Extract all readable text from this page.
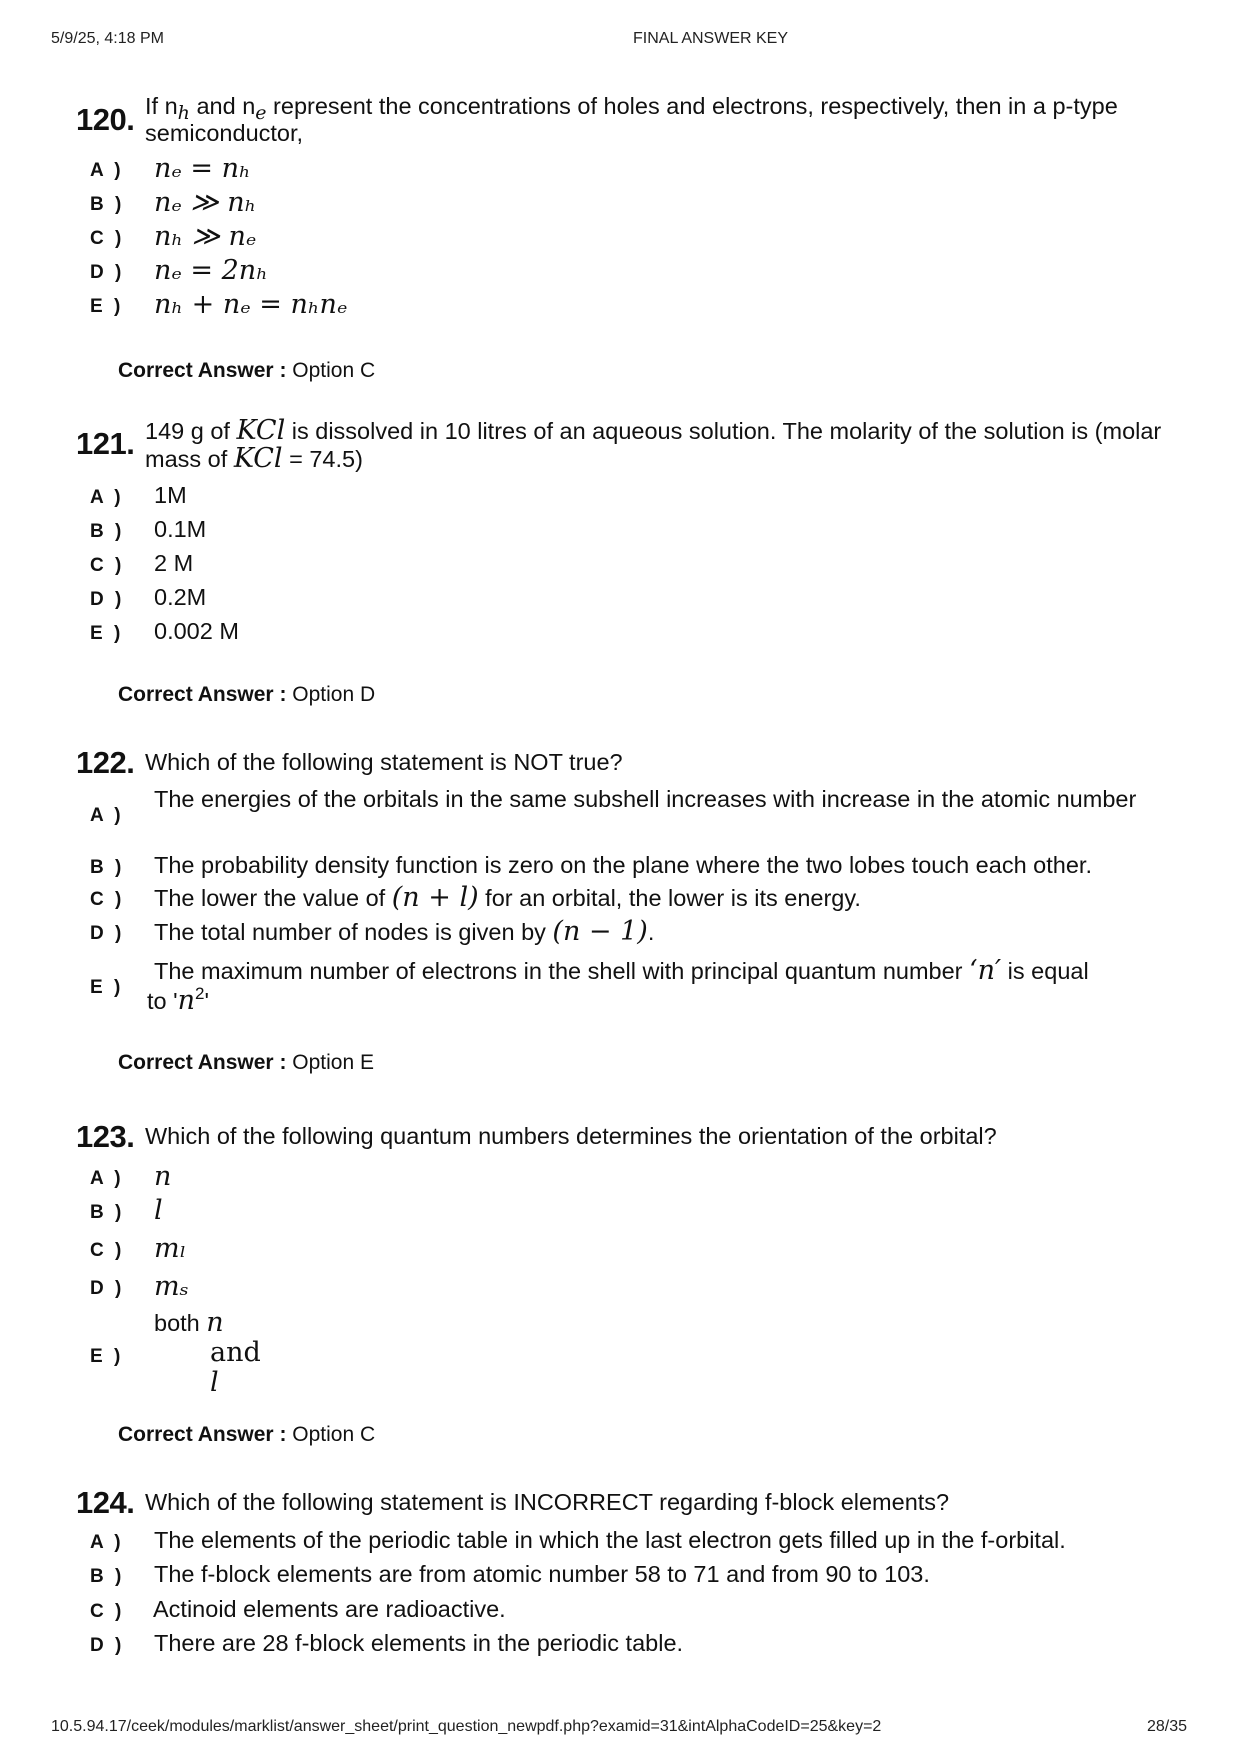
5/9/25, 4:18 PM	FINAL ANSWER KEY
120. If $n_h$ and $n_e$ represent the concentrations of holes and electrons, respectively, then in a p-type semiconductor,
A ) nₑ = nₕ
B ) nₑ ≫ nₕ
C ) nₕ ≫ nₑ
D ) nₑ = 2nₕ
E ) nₕ + nₑ = nₕnₑ
Correct Answer : Option C
121. 149 g of KCl is dissolved in 10 litres of an aqueous solution. The molarity of the solution is (molar mass of KCl = 74.5)
A ) 1M
B ) 0.1M
C ) 2 M
D ) 0.2M
E ) 0.002 M
Correct Answer : Option D
122. Which of the following statement is NOT true?
A )
The energies of the orbitals in the same subshell increases with increase in the atomic number
B ) The probability density function is zero on the plane where the two lobes touch each other.
C ) The lower the value of (n + l) for an orbital, the lower is its energy.
D ) The total number of nodes is given by (n − 1).
E )
The maximum number of electrons in the shell with principal quantum number ‘n′ is equal
to '$n^2$'
Correct Answer : Option E
123. Which of the following quantum numbers determines the orientation of the orbital?
A ) n
B ) l
C ) mₗ
D ) mₛ
E )
both n
and
l
Correct Answer : Option C
124. Which of the following statement is INCORRECT regarding f-block elements?
A ) The elements of the periodic table in which the last electron gets filled up in the f-orbital.
B ) The f-block elements are from atomic number 58 to 71 and from 90 to 103.
C ) Actinoid elements are radioactive.
D ) There are 28 f-block elements in the periodic table.
10.5.94.17/ceek/modules/marklist/answer_sheet/print_question_newpdf.php?examid=31&intAlphaCodeID=25&key=2	28/35
